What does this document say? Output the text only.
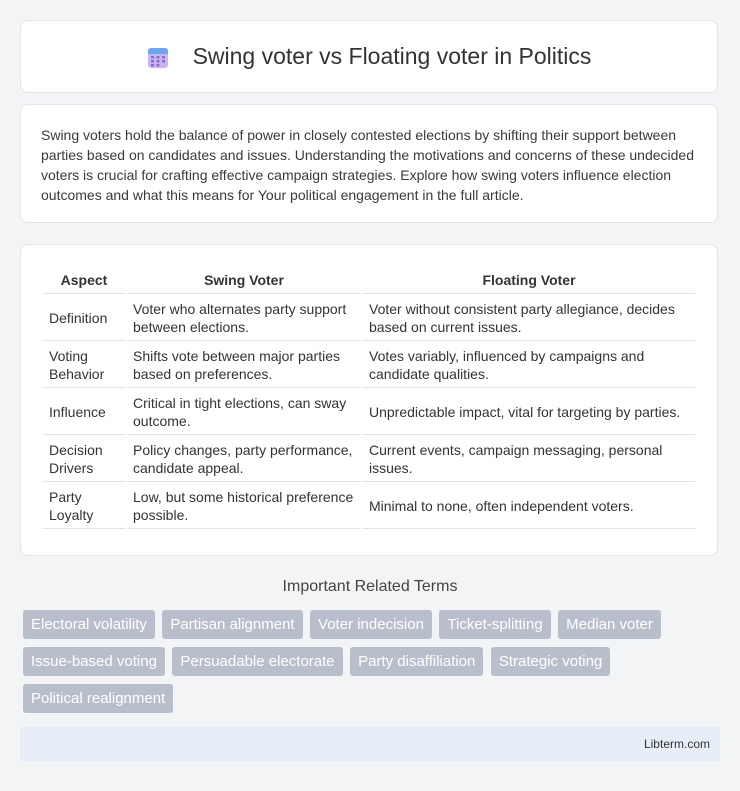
Swing voter vs Floating voter in Politics

Swing voters hold the balance of power in closely contested elections by shifting their support between parties based on candidates and issues. Understanding the motivations and concerns of these undecided voters is crucial for crafting effective campaign strategies. Explore how swing voters influence election outcomes and what this means for Your political engagement in the full article.

Aspect	Swing Voter	Floating Voter
Definition	Voter who alternates party support between elections.	Voter without consistent party allegiance, decides based on current issues.
Voting Behavior	Shifts vote between major parties based on preferences.	Votes variably, influenced by campaigns and candidate qualities.
Influence	Critical in tight elections, can sway outcome.	Unpredictable impact, vital for targeting by parties.
Decision Drivers	Policy changes, party performance, candidate appeal.	Current events, campaign messaging, personal issues.
Party Loyalty	Low, but some historical preference possible.	Minimal to none, often independent voters.
Important Related Terms
Electoral volatility Partisan alignment Voter indecision Ticket-splitting Median voter Issue-based voting Persuadable electorate Party disaffiliation Strategic voting Political realignment
Libterm.com
